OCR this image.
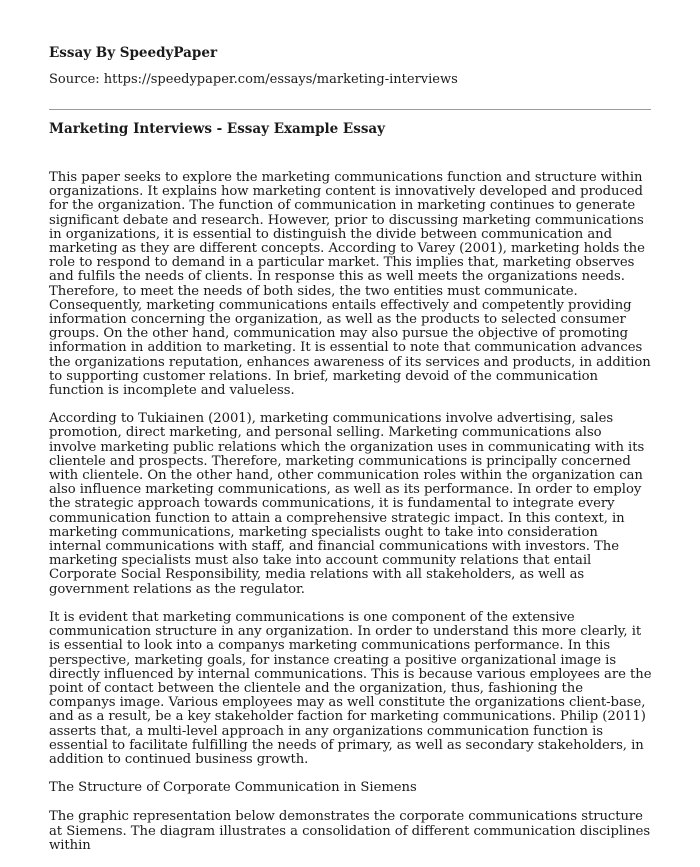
Essay By SpeedyPaper

Source: https://speedypaper.com/essays/marketing-interviews

Marketing Interviews - Essay Example Essay

This paper seeks to explore the marketing communications function and structure within organizations. It explains how marketing content is innovatively developed and produced for the organization. The function of communication in marketing continues to generate significant debate and research. However, prior to discussing marketing communications in organizations, it is essential to distinguish the divide between communication and marketing as they are different concepts. According to Varey (2001), marketing holds the role to respond to demand in a particular market. This implies that, marketing observes and fulfils the needs of clients. In response this as well meets the organizations needs. Therefore, to meet the needs of both sides, the two entities must communicate. Consequently, marketing communications entails effectively and competently providing information concerning the organization, as well as the products to selected consumer groups. On the other hand, communication may also pursue the objective of promoting information in addition to marketing. It is essential to note that communication advances the organizations reputation, enhances awareness of its services and products, in addition to supporting customer relations. In brief, marketing devoid of the communication function is incomplete and valueless.

According to Tukiainen (2001), marketing communications involve advertising, sales promotion, direct marketing, and personal selling. Marketing communications also involve marketing public relations which the organization uses in communicating with its clientele and prospects. Therefore, marketing communications is principally concerned with clientele. On the other hand, other communication roles within the organization can also influence marketing communications, as well as its performance. In order to employ the strategic approach towards communications, it is fundamental to integrate every communication function to attain a comprehensive strategic impact. In this context, in marketing communications, marketing specialists ought to take into consideration internal communications with staff, and financial communications with investors. The marketing specialists must also take into account community relations that entail Corporate Social Responsibility, media relations with all stakeholders, as well as government relations as the regulator.

It is evident that marketing communications is one component of the extensive communication structure in any organization. In order to understand this more clearly, it is essential to look into a companys marketing communications performance. In this perspective, marketing goals, for instance creating a positive organizational image is directly influenced by internal communications. This is because various employees are the point of contact between the clientele and the organization, thus, fashioning the companys image. Various employees may as well constitute the organizations client-base, and as a result, be a key stakeholder faction for marketing communications. Philip (2011) asserts that, a multi-level approach in any organizations communication function is essential to facilitate fulfilling the needs of primary, as well as secondary stakeholders, in addition to continued business growth.

The Structure of Corporate Communication in Siemens

The graphic representation below demonstrates the corporate communications structure at Siemens. The diagram illustrates a consolidation of different communication disciplines within
